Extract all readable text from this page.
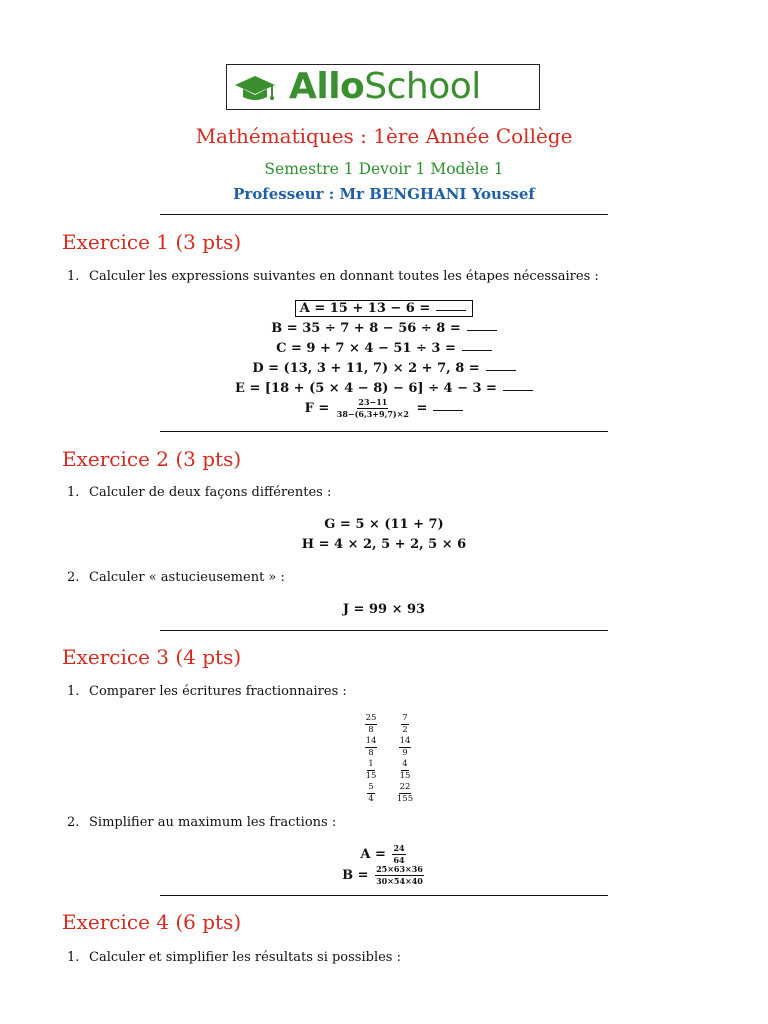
AlloSchool
Mathématiques : 1ère Année Collège
Semestre 1 Devoir 1 Modèle 1
Professeur : Mr BENGHANI Youssef
Exercice 1 (3 pts)
1. Calculer les expressions suivantes en donnant toutes les étapes nécessaires :
A = 15 + 13 − 6 =
B = 35 ÷ 7 + 8 − 56 ÷ 8 =
C = 9 + 7 × 4 − 51 ÷ 3 =
D = (13, 3 + 11, 7) × 2 + 7, 8 =
E = [18 + (5 × 4 − 8) − 6] ÷ 4 − 3 =
$F = \frac{23-11}{38-(6,3+9,7)\times 2}$ =
Exercice 2 (3 pts)
1. Calculer de deux façons différentes :
G = 5 × (11 + 7)
H = 4 × 2, 5 + 2, 5 × 6
2. Calculer « astucieusement » :
J = 99 × 93
Exercice 3 (4 pts)
1. Comparer les écritures fractionnaires :
$\frac{25}{8} \frac{7}{2}$
$\frac{14}{8} \frac{14}{9}$
$\frac{1}{15} \frac{4}{15}$
$\frac{5}{4} \frac{22}{155}$
2. Simplifier au maximum les fractions :
$A = \frac{24}{64}$
$B = \frac{25\times 63\times 36}{30\times 54\times 40}$
Exercice 4 (6 pts)
1. Calculer et simplifier les résultats si possibles :
